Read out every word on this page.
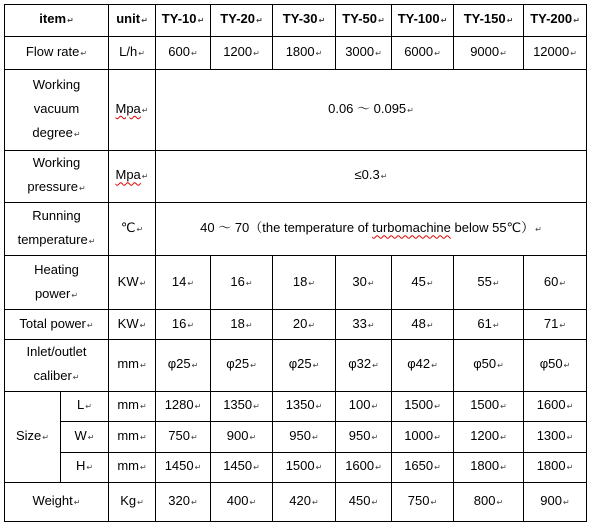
item↵		unit↵	TY-10↵	TY-20↵	TY-30↵	TY-50↵	TY-100↵	TY-150↵	TY-200↵
Flow rate↵		L/h↵	600↵	1200↵	1800↵	3000↵	6000↵	9000↵	12000↵
Working
vacuum
degree↵		Mpa↵	0.06 ～ 0.095↵						
Working
pressure↵		Mpa↵	≤0.3↵						
Running
temperature↵		℃↵	40 ～ 70（the temperature of turbomachine below 55℃）↵						
Heating
power↵		KW↵	14↵	16↵	18↵	30↵	45↵	55↵	60↵
Total power↵		KW↵	16↵	18↵	20↵	33↵	48↵	61↵	71↵
Inlet/outlet
caliber↵		mm↵	φ25↵	φ25↵	φ25↵	φ32↵	φ42↵	φ50↵	φ50↵
Size↵	L↵	mm↵	1280↵	1350↵	1350↵	100↵	1500↵	1500↵	1600↵
	W↵	mm↵	750↵	900↵	950↵	950↵	1000↵	1200↵	1300↵
	H↵	mm↵	1450↵	1450↵	1500↵	1600↵	1650↵	1800↵	1800↵
Weight↵		Kg↵	320↵	400↵	420↵	450↵	750↵	800↵	900↵
